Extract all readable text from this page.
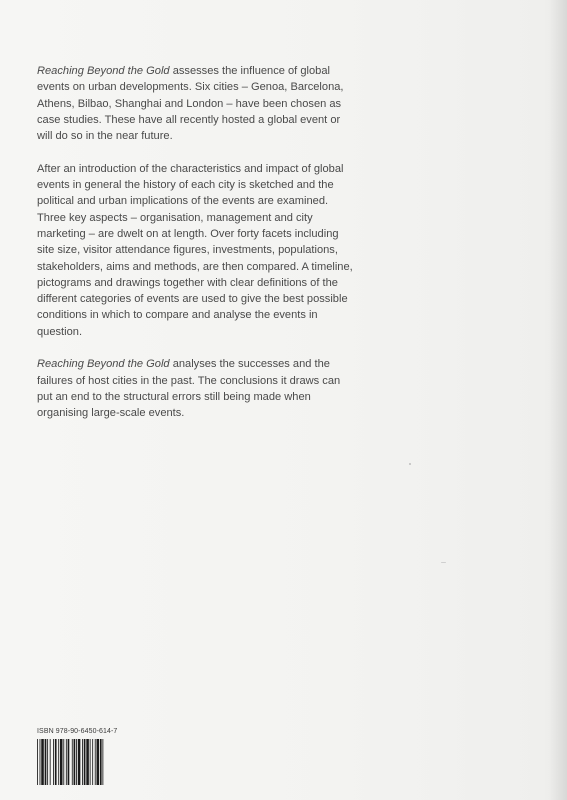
Reaching Beyond the Gold assesses the influence of global events on urban developments. Six cities – Genoa, Barcelona, Athens, Bilbao, Shanghai and London – have been chosen as case studies. These have all recently hosted a global event or will do so in the near future.

After an introduction of the characteristics and impact of global events in general the history of each city is sketched and the political and urban implications of the events are examined. Three key aspects – organisation, management and city marketing – are dwelt on at length. Over forty facets including site size, visitor attendance figures, investments, populations, stakeholders, aims and methods, are then compared. A timeline, pictograms and drawings together with clear definitions of the different categories of events are used to give the best possible conditions in which to compare and analyse the events in question.

Reaching Beyond the Gold analyses the successes and the failures of host cities in the past. The conclusions it draws can put an end to the structural errors still being made when organising large-scale events.

ISBN 978-90-6450-614-7
